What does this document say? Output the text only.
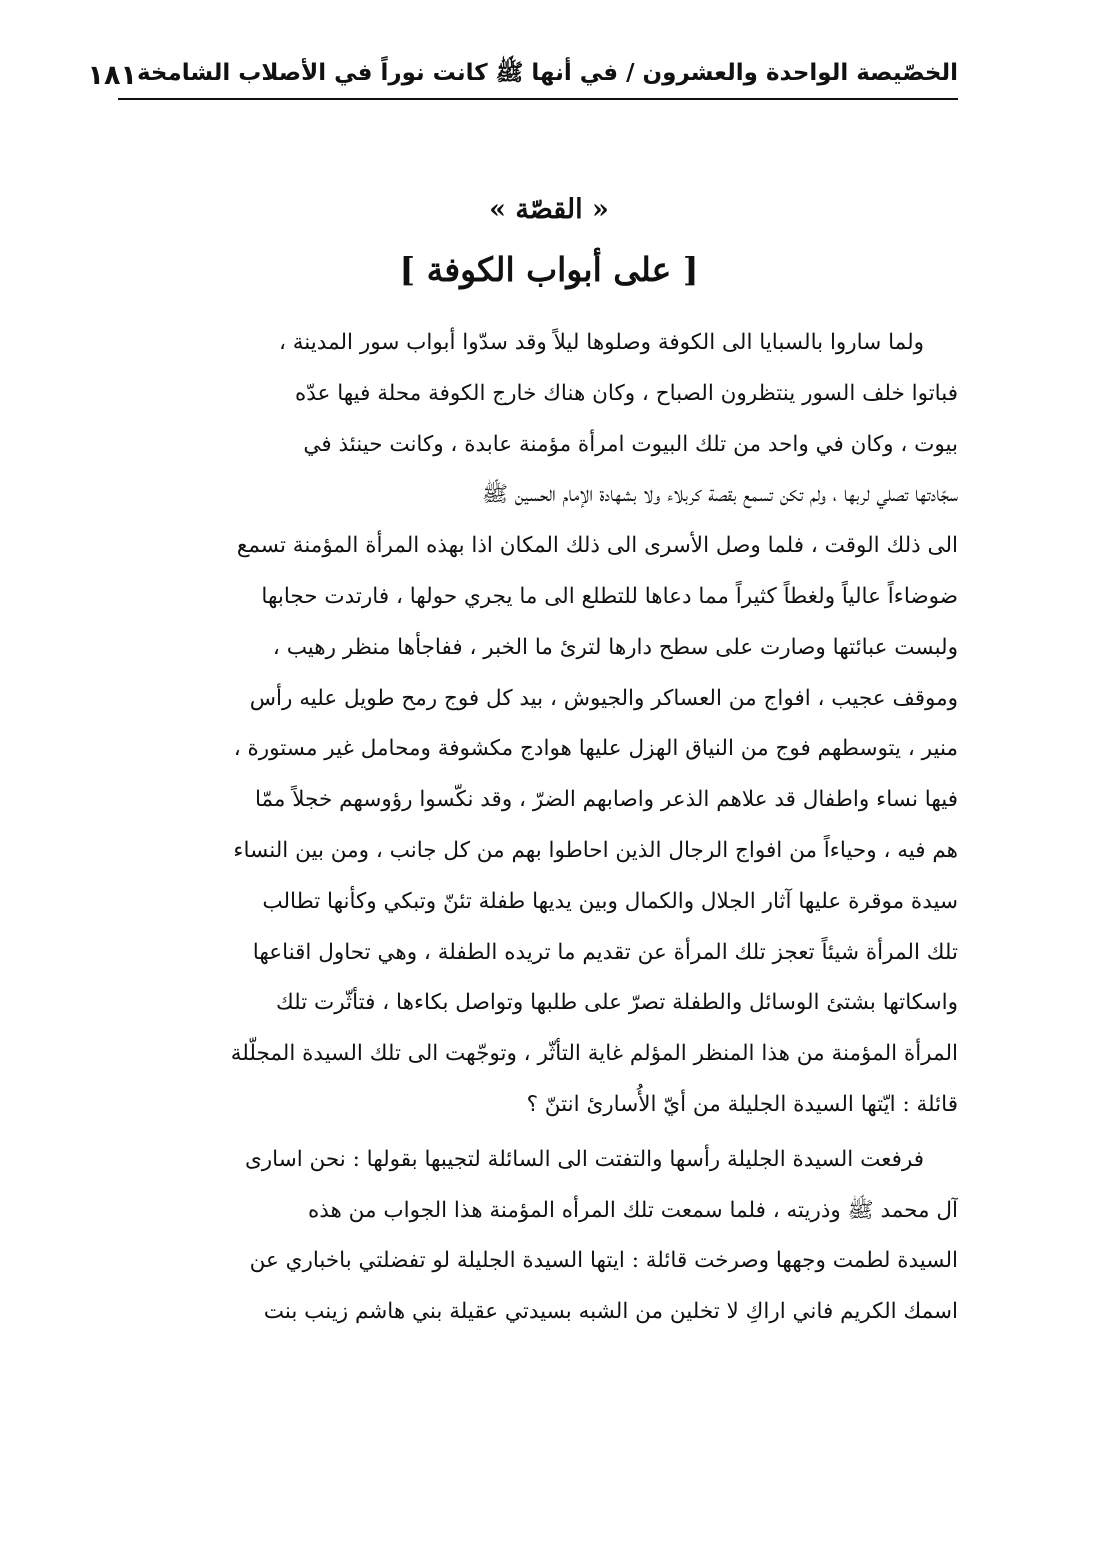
الخصّيصة الواحدة والعشرون / في أنها ﷺ كانت نوراً في الأصلاب الشامخة
١٨١
« القصّة »
[ على أبواب الكوفة ]
ولما ساروا بالسبايا الى الكوفة وصلوها ليلاً وقد سدّوا أبواب سور المدينة ،
فباتوا خلف السور ينتظرون الصباح ، وكان هناك خارج الكوفة محلة فيها عدّه
بيوت ، وكان في واحد من تلك البيوت امرأة مؤمنة عابدة ، وكانت حينئذ في
سجّادتها تصلي لربها ، ولم تكن تسمع بقصة كربلاء ولا بشهادة الإمام الحسين ﷺ
الى ذلك الوقت ، فلما وصل الأسرى الى ذلك المكان اذا بهذه المرأة المؤمنة تسمع
ضوضاءاً عالياً ولغطاً كثيراً مما دعاها للتطلع الى ما يجري حولها ، فارتدت حجابها
ولبست عبائتها وصارت على سطح دارها لترئ ما الخبر ، ففاجأها منظر رهيب ،
وموقف عجيب ، افواج من العساكر والجيوش ، بيد كل فوج رمح طويل عليه رأس
منير ، يتوسطهم فوج من النياق الهزل عليها هوادج مكشوفة ومحامل غير مستورة ،
فيها نساء واطفال قد علاهم الذعر واصابهم الضرّ ، وقد نكّسوا رؤوسهم خجلاً ممّا
هم فيه ، وحياءاً من افواج الرجال الذين احاطوا بهم من كل جانب ، ومن بين النساء
سيدة موقرة عليها آثار الجلال والكمال وبين يديها طفلة تئنّ وتبكي وكأنها تطالب
تلك المرأة شيئاً تعجز تلك المرأة عن تقديم ما تريده الطفلة ، وهي تحاول اقناعها
واسكاتها بشتئ الوسائل والطفلة تصرّ على طلبها وتواصل بكاءها ، فتأثّرت تلك
المرأة المؤمنة من هذا المنظر المؤلم غاية التأثّر ، وتوجّهت الى تلك السيدة المجلّلة
قائلة : ايّتها السيدة الجليلة من أيّ الأُسارئ انتنّ ؟
فرفعت السيدة الجليلة رأسها والتفتت الى السائلة لتجيبها بقولها : نحن اسارى
آل محمد ﷺ وذريته ، فلما سمعت تلك المرأه المؤمنة هذا الجواب من هذه
السيدة لطمت وجهها وصرخت قائلة : ايتها السيدة الجليلة لو تفضلتي باخباري عن
اسمك الكريم فاني اراكِ لا تخلين من الشبه بسيدتي عقيلة بني هاشم زينب بنت
